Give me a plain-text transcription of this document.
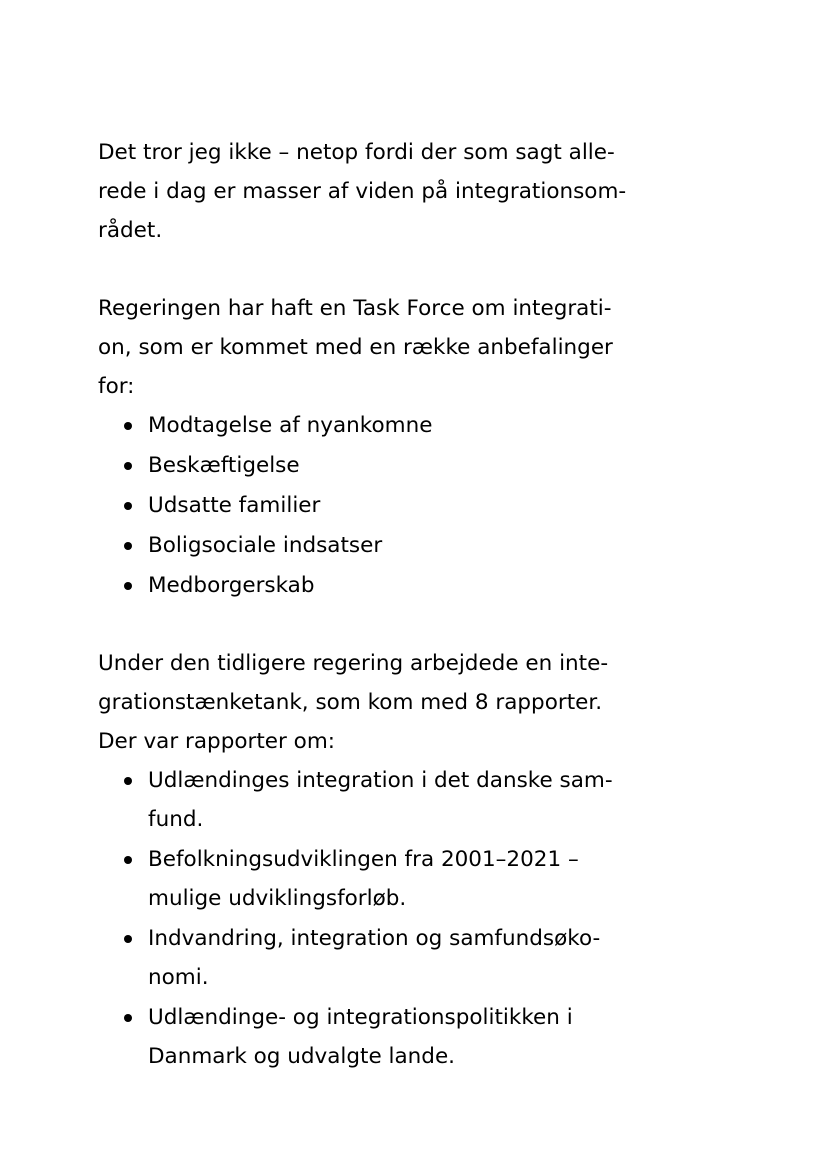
Det tror jeg ikke – netop fordi der som sagt alle-
rede i dag er masser af viden på integrationsom-
rådet.

Regeringen har haft en Task Force om integrati-
on, som er kommet med en række anbefalinger
for:

Modtagelse af nyankomne
Beskæftigelse
Udsatte familier
Boligsociale indsatser
Medborgerskab

Under den tidligere regering arbejdede en inte-
grationstænketank, som kom med 8 rapporter.
Der var rapporter om:

Udlændinges integration i det danske sam-
fund.
Befolkningsudviklingen fra 2001–2021 –
mulige udviklingsforløb.
Indvandring, integration og samfundsøko-
nomi.
Udlændinge- og integrationspolitikken i
Danmark og udvalgte lande.
